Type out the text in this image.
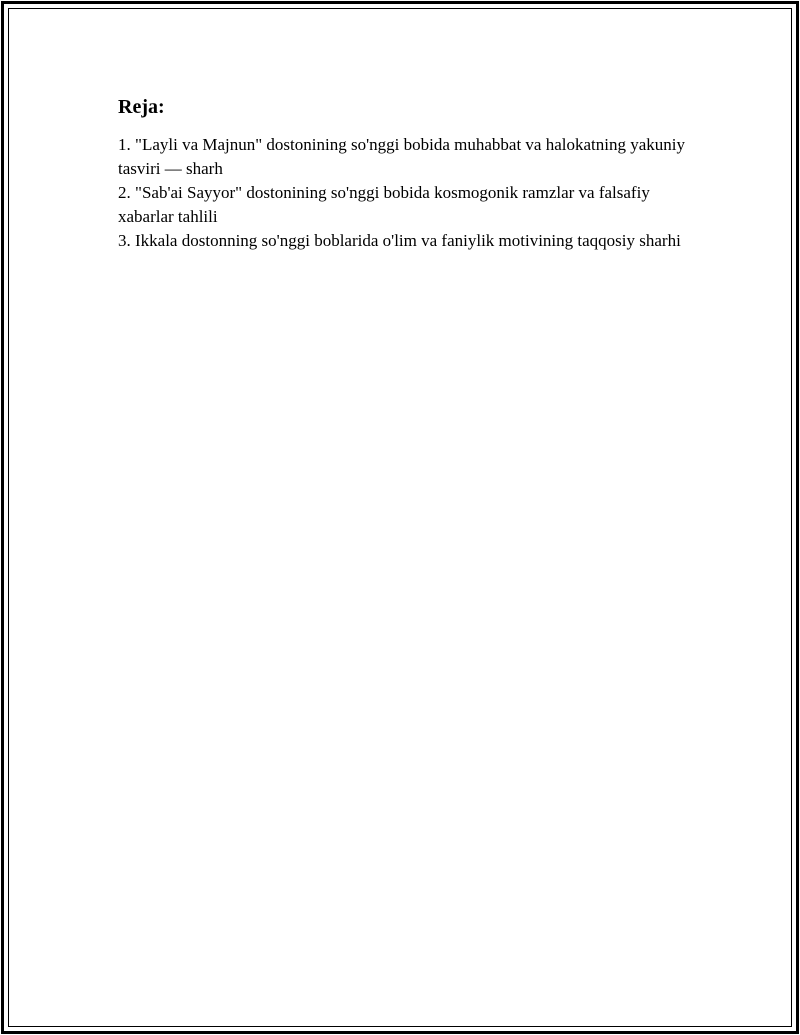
Reja:

1. "Layli va Majnun" dostonining so'nggi bobida muhabbat va halokatning yakuniy tasviri — sharh

2. "Sab'ai Sayyor" dostonining so'nggi bobida kosmogonik ramzlar va falsafiy xabarlar tahlili

3. Ikkala dostonning so'nggi boblarida o'lim va faniylik motivining taqqosiy sharhi
